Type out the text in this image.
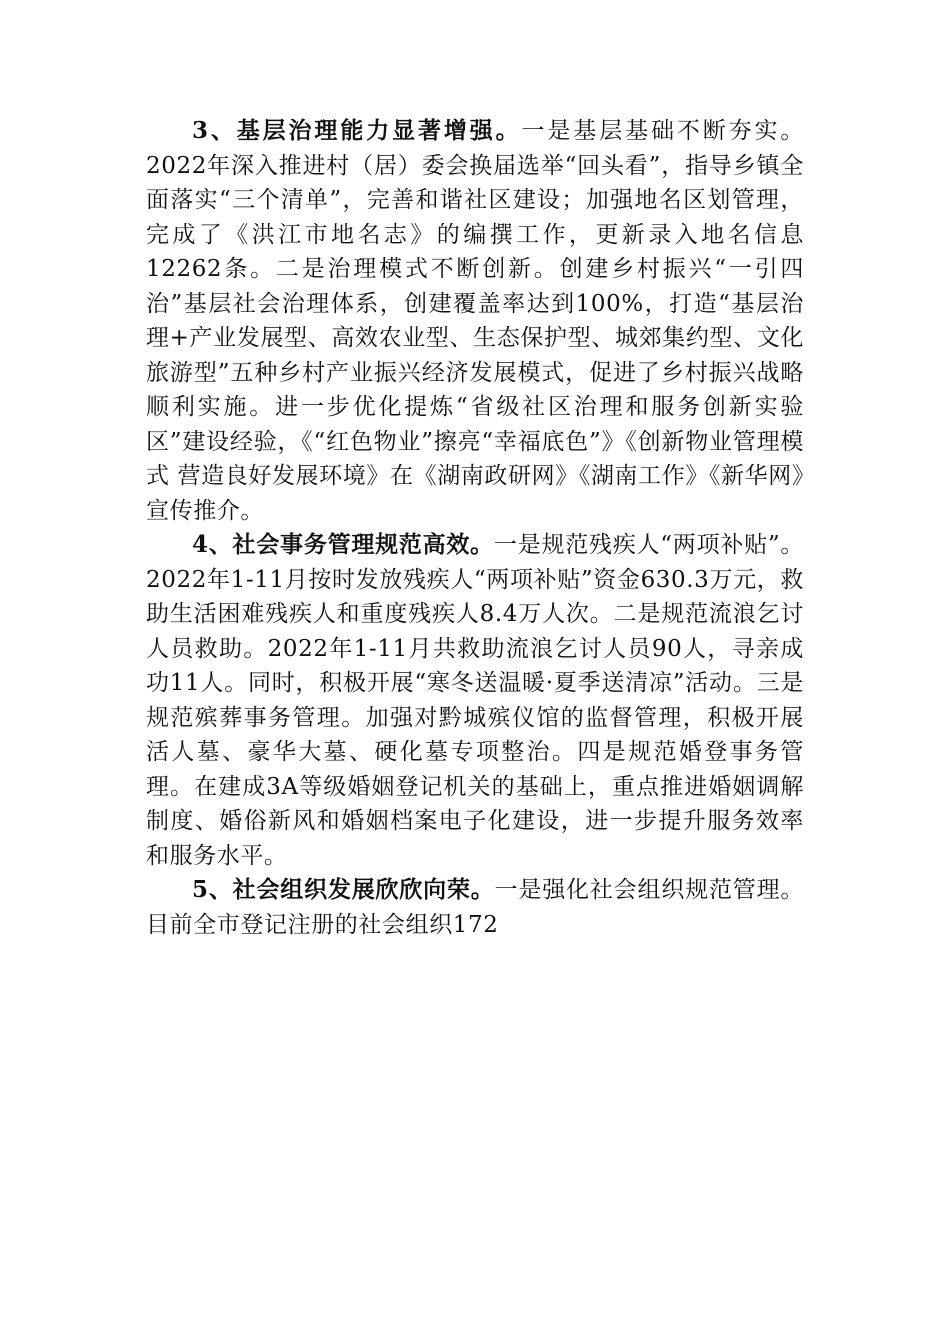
3、基层治理能力显著增强。一是基层基础不断夯实。2022年深入推进村（居）委会换届选举“回头看”，指导乡镇全面落实“三个清单”，完善和谐社区建设；加强地名区划管理，完成了《洪江市地名志》的编撰工作，更新录入地名信息12262条。二是治理模式不断创新。创建乡村振兴“一引四治”基层社会治理体系，创建覆盖率达到100%，打造“基层治理+产业发展型、高效农业型、生态保护型、城郊集约型、文化旅游型”五种乡村产业振兴经济发展模式，促进了乡村振兴战略顺利实施。进一步优化提炼“省级社区治理和服务创新实验区”建设经验，《“红色物业”擦亮“幸福底色”》《创新物业管理模式 营造良好发展环境》在《湖南政研网》《湖南工作》《新华网》宣传推介。

4、社会事务管理规范高效。一是规范残疾人“两项补贴”。2022年1-11月按时发放残疾人“两项补贴”资金630.3万元，救助生活困难残疾人和重度残疾人8.4万人次。二是规范流浪乞讨人员救助。2022年1-11月共救助流浪乞讨人员90人，寻亲成功11人。同时，积极开展“寒冬送温暖·夏季送清凉”活动。三是规范殡葬事务管理。加强对黔城殡仪馆的监督管理，积极开展活人墓、豪华大墓、硬化墓专项整治。四是规范婚登事务管理。在建成3A等级婚姻登记机关的基础上，重点推进婚姻调解制度、婚俗新风和婚姻档案电子化建设，进一步提升服务效率和服务水平。

5、社会组织发展欣欣向荣。一是强化社会组织规范管理。目前全市登记注册的社会组织172
